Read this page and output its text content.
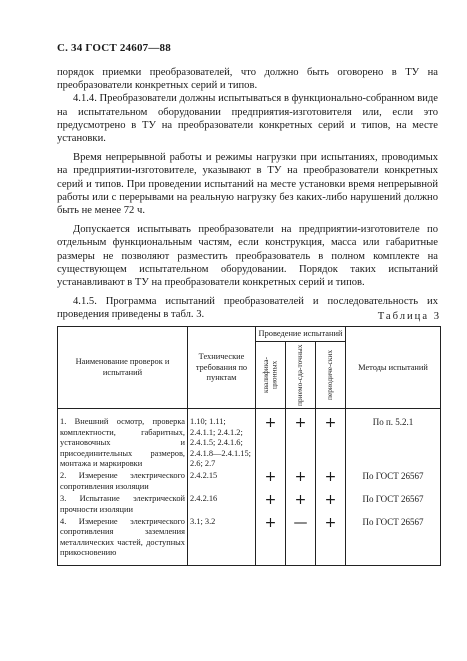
С. 34 ГОСТ 24607—88

порядок приемки преобразователей, что должно быть оговорено в ТУ на преобразователи конкретных серий и типов.

4.1.4. Преобразователи должны испытываться в функционально-собранном виде на испытательном оборудовании предприятия-изготовителя или, если это предусмотрено в ТУ на преобразователи конкретных серий и типов, на месте установки.

Время непрерывной работы и режимы нагрузки при испытаниях, проводимых на предприятии-изготовителе, указывают в ТУ на преобразователи конкретных серий и типов. При проведении испытаний на месте установки время непрерывной работы или с перерывами на реальную нагрузку без каких-либо нарушений должно быть не менее 72 ч.

Допускается испытывать преобразователи на предприятии-изготовителе по отдельным функциональным частям, если конструкция, масса или габаритные размеры не позволяют разместить преобразователь в полном комплекте на существующем испытательном оборудовании. Порядок таких испытаний устанавливают в ТУ на преобразователи конкретных серий и типов.

4.1.5. Программа испытаний преобразователей и последовательность их проведения приведены в табл. 3.	Таблица 3
Наименование проверок и испытаний	Технические требования по пунктам	Проведение испытаний			Методы испытаний

		квалифика-ционных	приемо-сда-точных	периодиче-ских	

1. Внешний осмотр, проверка комплектности, габаритных, установочных и присоединительных размеров, монтажа и маркировки	1.10; 1.11; 2.4.1.1; 2.4.1.2; 2.4.1.5; 2.4.1.6; 2.4.1.8—2.4.1.15; 2.6; 2.7	+	+	+	По п. 5.2.1
2. Измерение электрического сопротивления изоляции	2.4.2.15	+	+	+	По ГОСТ 26567
3. Испытание электрической прочности изоляции	2.4.2.16	+	+	+	По ГОСТ 26567
4. Измерение электрического сопротивления заземления металлических частей, доступных прикосновению	3.1; 3.2	+	—	+	По ГОСТ 26567
